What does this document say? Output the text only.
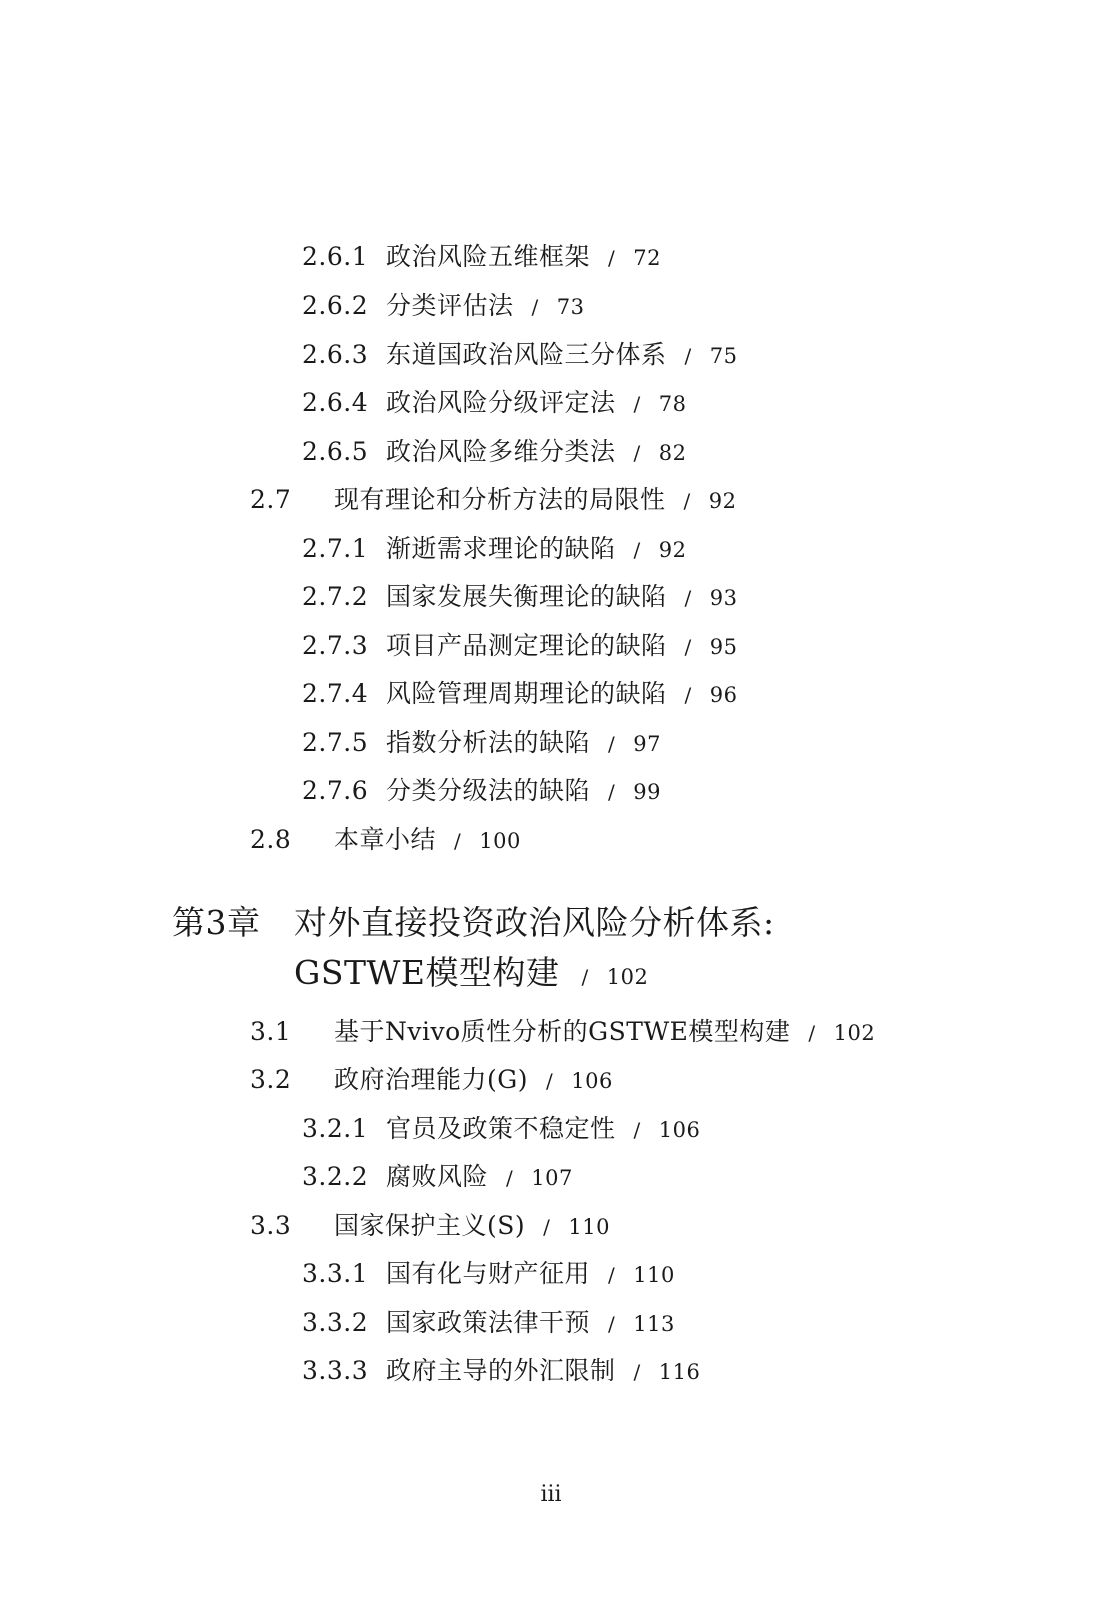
2.6.1 政治风险五维框架 / 72
2.6.2 分类评估法 / 73
2.6.3 东道国政治风险三分体系 / 75
2.6.4 政治风险分级评定法 / 78
2.6.5 政治风险多维分类法 / 82
2.7 现有理论和分析方法的局限性 / 92
2.7.1 渐逝需求理论的缺陷 / 92
2.7.2 国家发展失衡理论的缺陷 / 93
2.7.3 项目产品测定理论的缺陷 / 95
2.7.4 风险管理周期理论的缺陷 / 96
2.7.5 指数分析法的缺陷 / 97
2.7.6 分类分级法的缺陷 / 99
2.8 本章小结 / 100
第3章 对外直接投资政治风险分析体系:
GSTWE模型构建 / 102
3.1 基于Nvivo质性分析的GSTWE模型构建 / 102
3.2 政府治理能力(G) / 106
3.2.1 官员及政策不稳定性 / 106
3.2.2 腐败风险 / 107
3.3 国家保护主义(S) / 110
3.3.1 国有化与财产征用 / 110
3.3.2 国家政策法律干预 / 113
3.3.3 政府主导的外汇限制 / 116
iii
